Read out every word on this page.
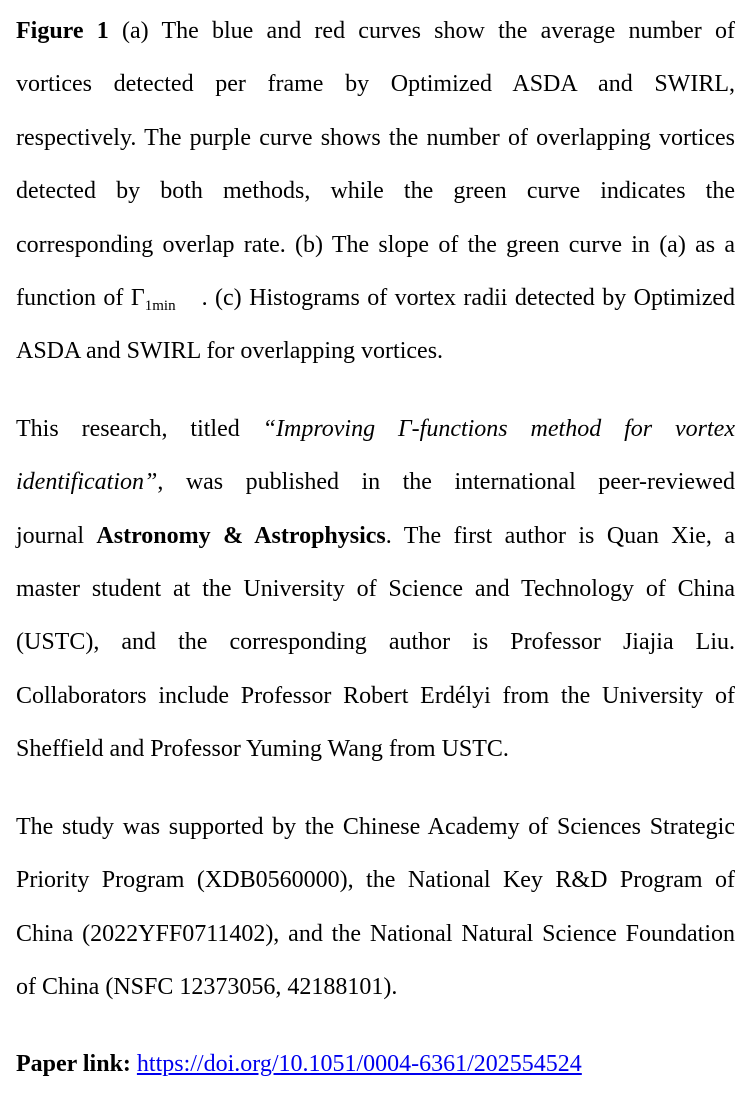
Figure 1 (a) The blue and red curves show the average number of
vortices detected per frame by Optimized ASDA and SWIRL,
respectively. The purple curve shows the number of overlapping vortices
detected by both methods, while the green curve indicates the
corresponding overlap rate. (b) The slope of the green curve in (a) as a
function of $\Gamma_{1min}$ . (c) Histograms of vortex radii detected by Optimized
ASDA and SWIRL for overlapping vortices.
This research, titled “Improving Γ-functions method for vortex
identification”, was published in the international peer-reviewed
journal Astronomy & Astrophysics. The first author is Quan Xie, a
master student at the University of Science and Technology of China
(USTC), and the corresponding author is Professor Jiajia Liu.
Collaborators include Professor Robert Erdélyi from the University of
Sheffield and Professor Yuming Wang from USTC.
The study was supported by the Chinese Academy of Sciences Strategic
Priority Program (XDB0560000), the National Key R&D Program of
China (2022YFF0711402), and the National Natural Science Foundation
of China (NSFC 12373056, 42188101).
Paper link: https://doi.org/10.1051/0004-6361/202554524
